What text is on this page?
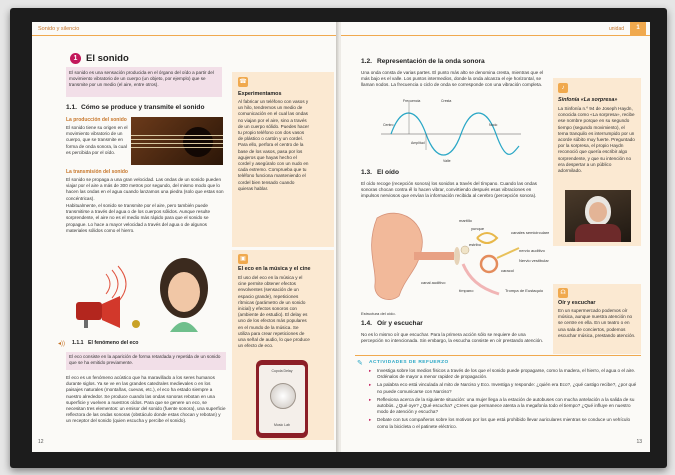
Sonido y silencio
1 El sonido
El sonido es una sensación producida en el órgano del oído a partir del movimiento vibratorio de un cuerpo (un objeto, por ejemplo) que se transmite por un medio (el aire, entre otros).
1.1. Cómo se produce y transmite el sonido
La producción del sonido
El sonido tiene su origen en el movimiento vibratorio de un cuerpo, que se transmite en forma de onda sonora, la cual es percibida por el oído.
La transmisión del sonido
El sonido se propaga a una gran velocidad. Las ondas de un sonido pueden viajar por el aire a más de 300 metros por segundo, del mismo modo que lo hacen las ondas en el agua cuando lanzamos una piedra (solo que estas son concéntricas).
Habitualmente, el sonido se transmite por el aire, pero también puede transmitirse a través del agua o de los cuerpos sólidos. Aunque resulte sorprendente, el aire no es el medio más rápido para que el sonido se propague. Lo hace a mayor velocidad a través del agua o de algunos materiales sólidos como el hierro.
◂)) 1.1.1 El fenómeno del eco
El eco consiste en la aparición de forma retardada y repetida de un sonido que se ha emitido previamente.
El eco es un fenómeno acústico que ha maravillado a los seres humanos durante siglos. Ya se ve en las grandes catedrales medievales o en los paisajes naturales (montañas, cuevas, etc.), el eco ha estado siempre a nuestro alrededor. Se produce cuando las ondas sonoras rebotan en una superficie y vuelven a nuestros oídos. Para que se genere un eco, se necesitan tres elementos: un emisor del sonido (fuente sonora), una superficie reflectora de las ondas sonoras (obstáculo donde estas chocan y rebotan) y un receptor del sonido (quien escucha y percibe el sonido).
☎
Experimentamos
Al fabricar un teléfono con vasos y un hilo, tendremos un medio de comunicación en el cual las ondas no viajan por el aire, sino a través de un cuerpo sólido. Puedes hacer tu propio teléfono con dos vasos de plástico o cartón y un cordel. Para ello, perfora el centro de la base de los vasos, pasa por los agujeros que hayas hecho el cordel y asegúralo con un nudo en cada extremo. Comprueba que tu teléfono funciona manteniendo el cordel bien tensado cuando quieras hablar.
▣
El eco en la música y el cine
El uso del eco en la música y el cine permite obtener efectos envolventes (sensación de un espacio grande), repeticiones rítmicas (parámetro de un sonido inicial) y efectos sonoros con (ambiente de estudio). El delay es uno de los efectos más populares en el mundo de la música. Se utiliza para crear repeticiones de una señal de audio, lo que produce un efecto de eco.
Cupola Delay
Music Lab
12
unidad	1
1.2. Representación de la onda sonora
Una onda consta de varias partes. El punto más alto se denomina cresta, mientras que el más bajo es el valle. Los puntos intermedios, donde la onda alcanza el eje horizontal, se llaman nodos. La frecuencia o ciclo de onda se corresponde con una vibración completa.
Frecuencia	Cresta
Centro
Amplitud
Valle
Nodo
1.3. El oído
El oído recoge (recepción sonora) los sonidos a través del tímpano. Cuando las ondas sonoras chocan contra él lo hacen vibrar, convirtiendo después esas vibraciones en impulsos nerviosos que envían la información recibida al cerebro (percepción sonora).
martillo
yunque
estribo
canales semicirculares
nervio auditivo
Nervio vestibular
caracol
Trompa de Eustaquio
tímpano
canal auditivo
Estructura del oído.
1.4. Oír y escuchar
No es lo mismo oír que escuchar. Para la primera acción sólo se requiere de una percepción no intencionada. Sin embargo, la escucha consiste en oír prestando atención.
♪
Sinfonía «La sorpresa»
La Sinfonía n.º 94 de Joseph Haydn, conocida como «La sorpresa», recibe ese nombre porque en su segundo tiempo (segundo movimiento), el tema tranquilo es interrumpido por un acorde súbito muy fuerte. Preguntado por la sorpresa, el propio Haydn reconoció que quería escribir algo sorprendente, y que su intención no era despertar a un público adormilado.
☊
Oír y escuchar
En un supermercado podemos oír música, aunque nuestra atención no se centre en ella. En un teatro o en una sala de conciertos, podemos escuchar música, prestando atención.
✎ ACTIVIDADES DE REFUERZO
▸ Investiga sobre los medios físicos a través de los que el sonido puede propagarse, como la madera, el hierro, el agua o el aire. Ordénalos de mayor a menor rapidez de propagación.
▸ La palabra eco está vinculada al mito de Narciso y Eco. Investiga y responde: ¿quién era Eco?, ¿qué castigo recibe?, ¿por qué no puede comunicarse con Narciso?
▸ Reflexiona acerca de la siguiente situación: una mujer llega a la estación de autobuses con mucha antelación a la salida de su autobús. ¿Qué oye? ¿Qué escucha? ¿Crees que permanece atenta a la megafonía todo el tiempo? ¿Qué influye en nuestro modo de atención y escucha?
▸ Debate con tus compañeros sobre los motivos por los que está prohibido llevar auriculares mientras se conduce un vehículo como la bicicleta o el patinete eléctrico.
13
